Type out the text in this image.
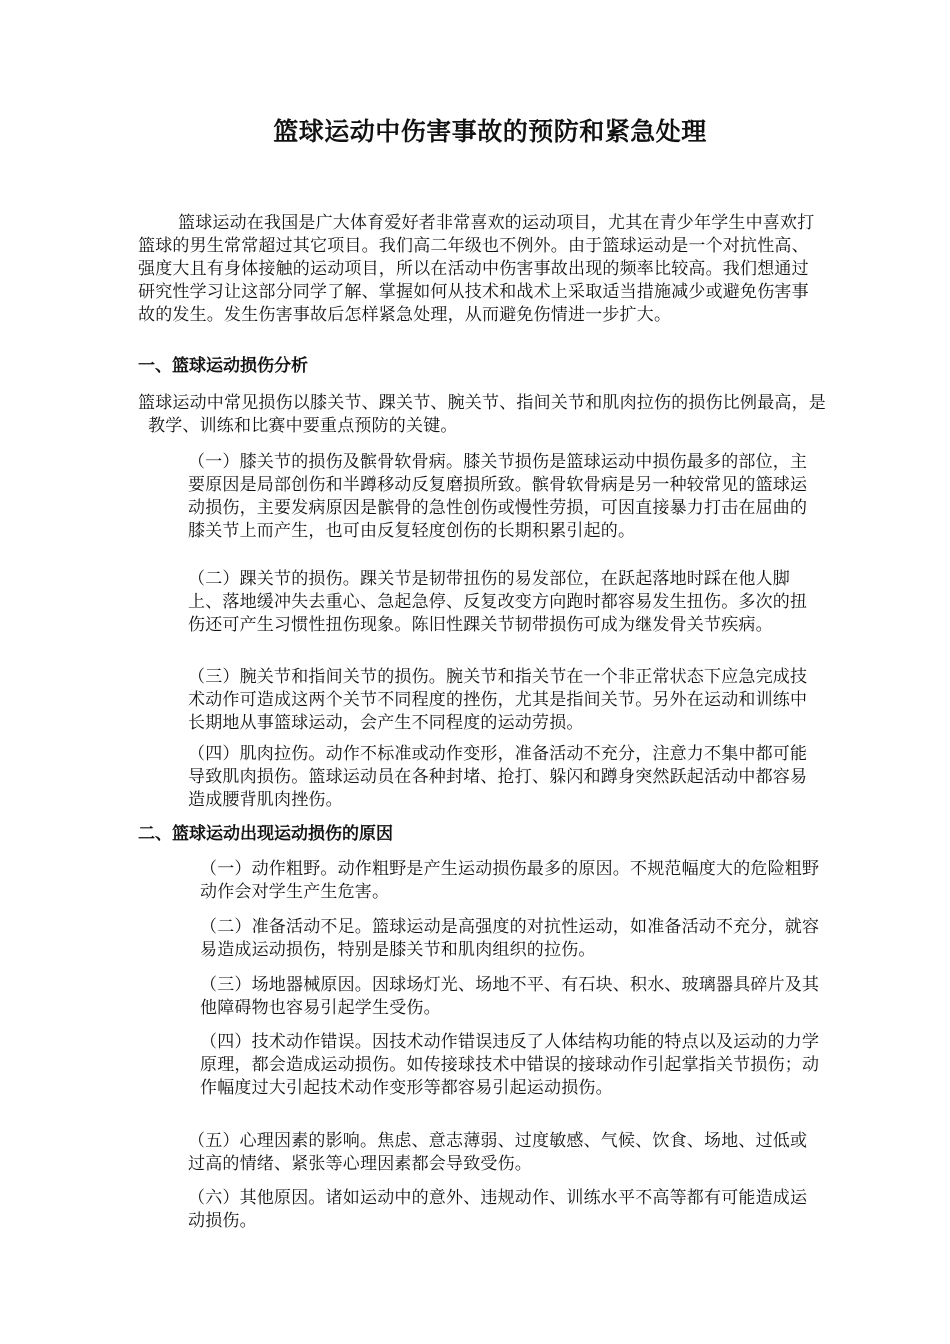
篮球运动中伤害事故的预防和紧急处理
篮球运动在我国是广大体育爱好者非常喜欢的运动项目，尤其在青少年学生中喜欢打篮球的男生常常超过其它项目。我们高二年级也不例外。由于篮球运动是一个对抗性高、强度大且有身体接触的运动项目，所以在活动中伤害事故出现的频率比较高。我们想通过研究性学习让这部分同学了解、掌握如何从技术和战术上采取适当措施减少或避免伤害事故的发生。发生伤害事故后怎样紧急处理，从而避免伤情进一步扩大。
一、篮球运动损伤分析
篮球运动中常见损伤以膝关节、踝关节、腕关节、指间关节和肌肉拉伤的损伤比例最高，是教学、训练和比赛中要重点预防的关键。
（一）膝关节的损伤及髌骨软骨病。膝关节损伤是篮球运动中损伤最多的部位，主要原因是局部创伤和半蹲移动反复磨损所致。髌骨软骨病是另一种较常见的篮球运动损伤，主要发病原因是髌骨的急性创伤或慢性劳损，可因直接暴力打击在屈曲的膝关节上而产生，也可由反复轻度创伤的长期积累引起的。
（二）踝关节的损伤。踝关节是韧带扭伤的易发部位，在跃起落地时踩在他人脚上、落地缓冲失去重心、急起急停、反复改变方向跑时都容易发生扭伤。多次的扭伤还可产生习惯性扭伤现象。陈旧性踝关节韧带损伤可成为继发骨关节疾病。
（三）腕关节和指间关节的损伤。腕关节和指关节在一个非正常状态下应急完成技术动作可造成这两个关节不同程度的挫伤，尤其是指间关节。另外在运动和训练中长期地从事篮球运动，会产生不同程度的运动劳损。
（四）肌肉拉伤。动作不标准或动作变形，准备活动不充分，注意力不集中都可能导致肌肉损伤。篮球运动员在各种封堵、抢打、躲闪和蹲身突然跃起活动中都容易造成腰背肌肉挫伤。
二、篮球运动出现运动损伤的原因
（一）动作粗野。动作粗野是产生运动损伤最多的原因。不规范幅度大的危险粗野动作会对学生产生危害。
（二）准备活动不足。篮球运动是高强度的对抗性运动，如准备活动不充分，就容易造成运动损伤，特别是膝关节和肌肉组织的拉伤。
（三）场地器械原因。因球场灯光、场地不平、有石块、积水、玻璃器具碎片及其他障碍物也容易引起学生受伤。
（四）技术动作错误。因技术动作错误违反了人体结构功能的特点以及运动的力学原理，都会造成运动损伤。如传接球技术中错误的接球动作引起掌指关节损伤；动作幅度过大引起技术动作变形等都容易引起运动损伤。
（五）心理因素的影响。焦虑、意志薄弱、过度敏感、气候、饮食、场地、过低或过高的情绪、紧张等心理因素都会导致受伤。
（六）其他原因。诸如运动中的意外、违规动作、训练水平不高等都有可能造成运动损伤。
